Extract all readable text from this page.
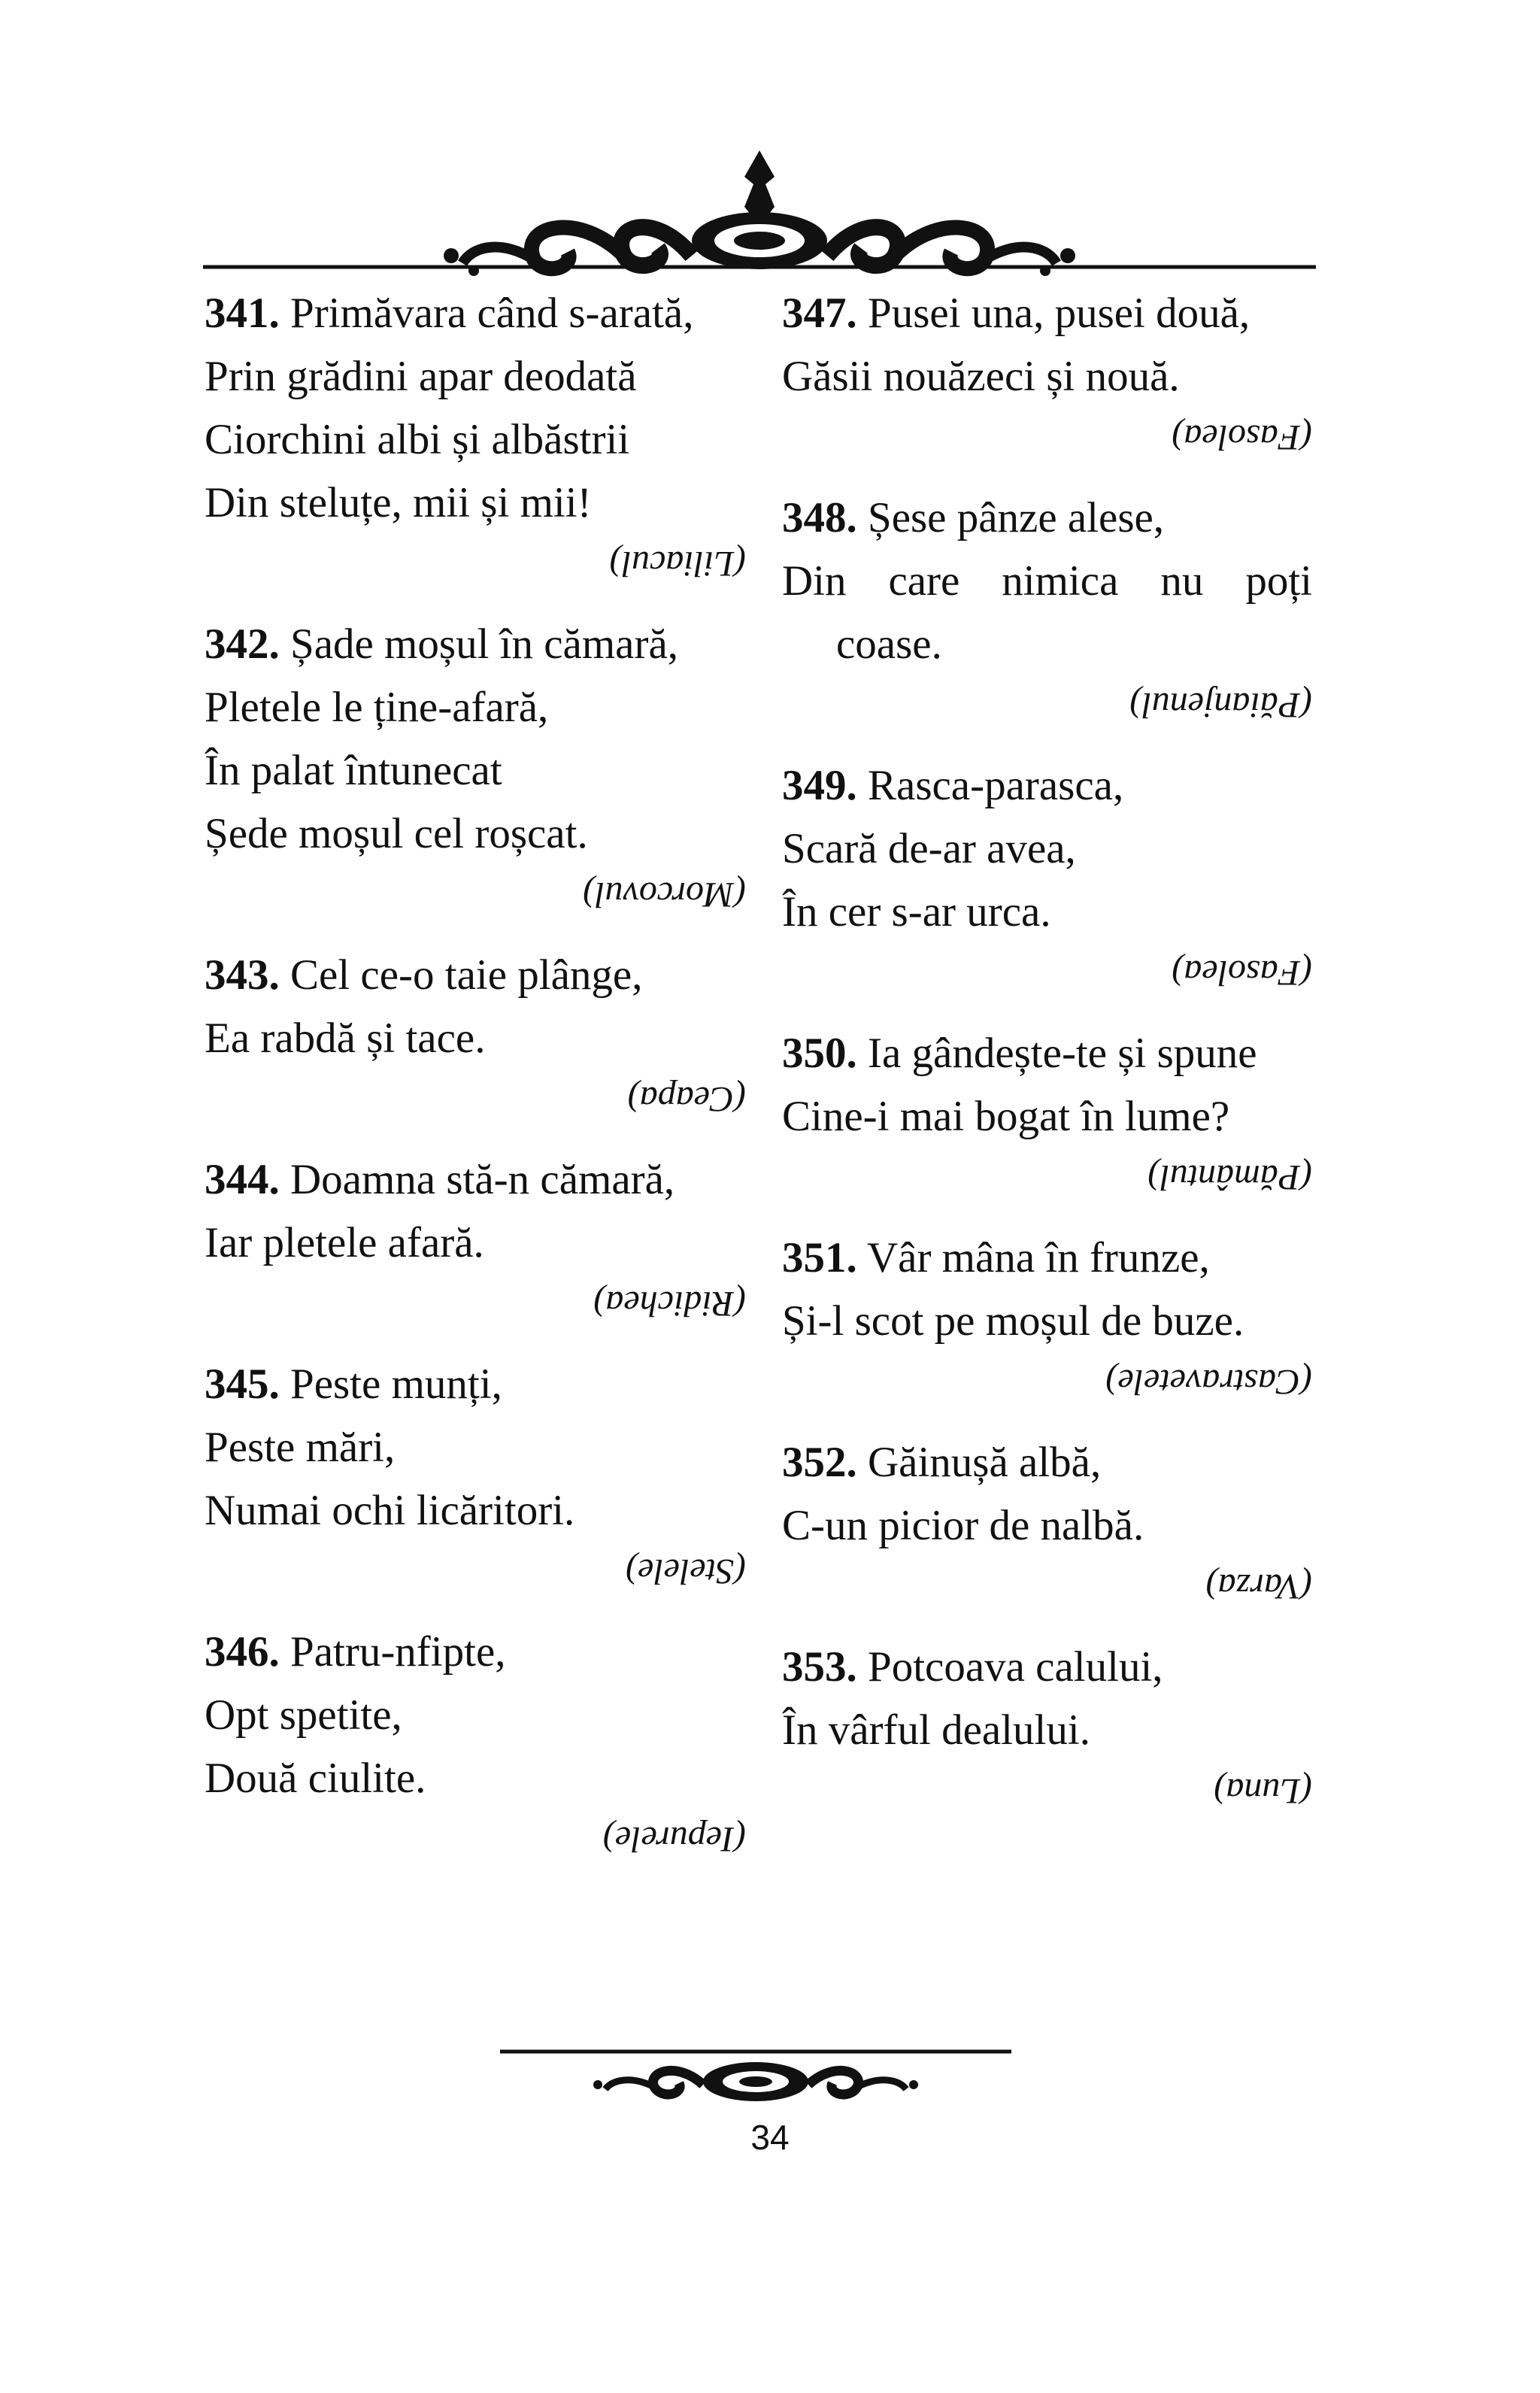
341. Primăvara când s-arată,
Prin grădini apar deodată
Ciorchini albi și albăstrii
Din steluțe, mii și mii!
(Liliacul)
342. Șade moșul în cămară,
Pletele le ține-afară,
În palat întunecat
Șede moșul cel roșcat.
(Morcovul)
343. Cel ce-o taie plânge,
Ea rabdă și tace.
(Ceapa)
344. Doamna stă-n cămară,
Iar pletele afară.
(Ridichea)
345. Peste munți,
Peste mări,
Numai ochi licăritori.
(Stelele)
346. Patru-nfipte,
Opt spetite,
Două ciulite.
(Iepurele)
347. Pusei una, pusei două,
Găsii nouăzeci și nouă.
(Fasolea)
348. Șese pânze alese,
Din care nimica nu poți
coase.
(Păianjenul)
349. Rasca-parasca,
Scară de-ar avea,
În cer s-ar urca.
(Fasolea)
350. Ia gândește-te și spune
Cine-i mai bogat în lume?
(Pământul)
351. Vâr mâna în frunze,
Și-l scot pe moșul de buze.
(Castravetele)
352. Găinușă albă,
C-un picior de nalbă.
(Varza)
353. Potcoava calului,
În vârful dealului.
(Luna)
34
